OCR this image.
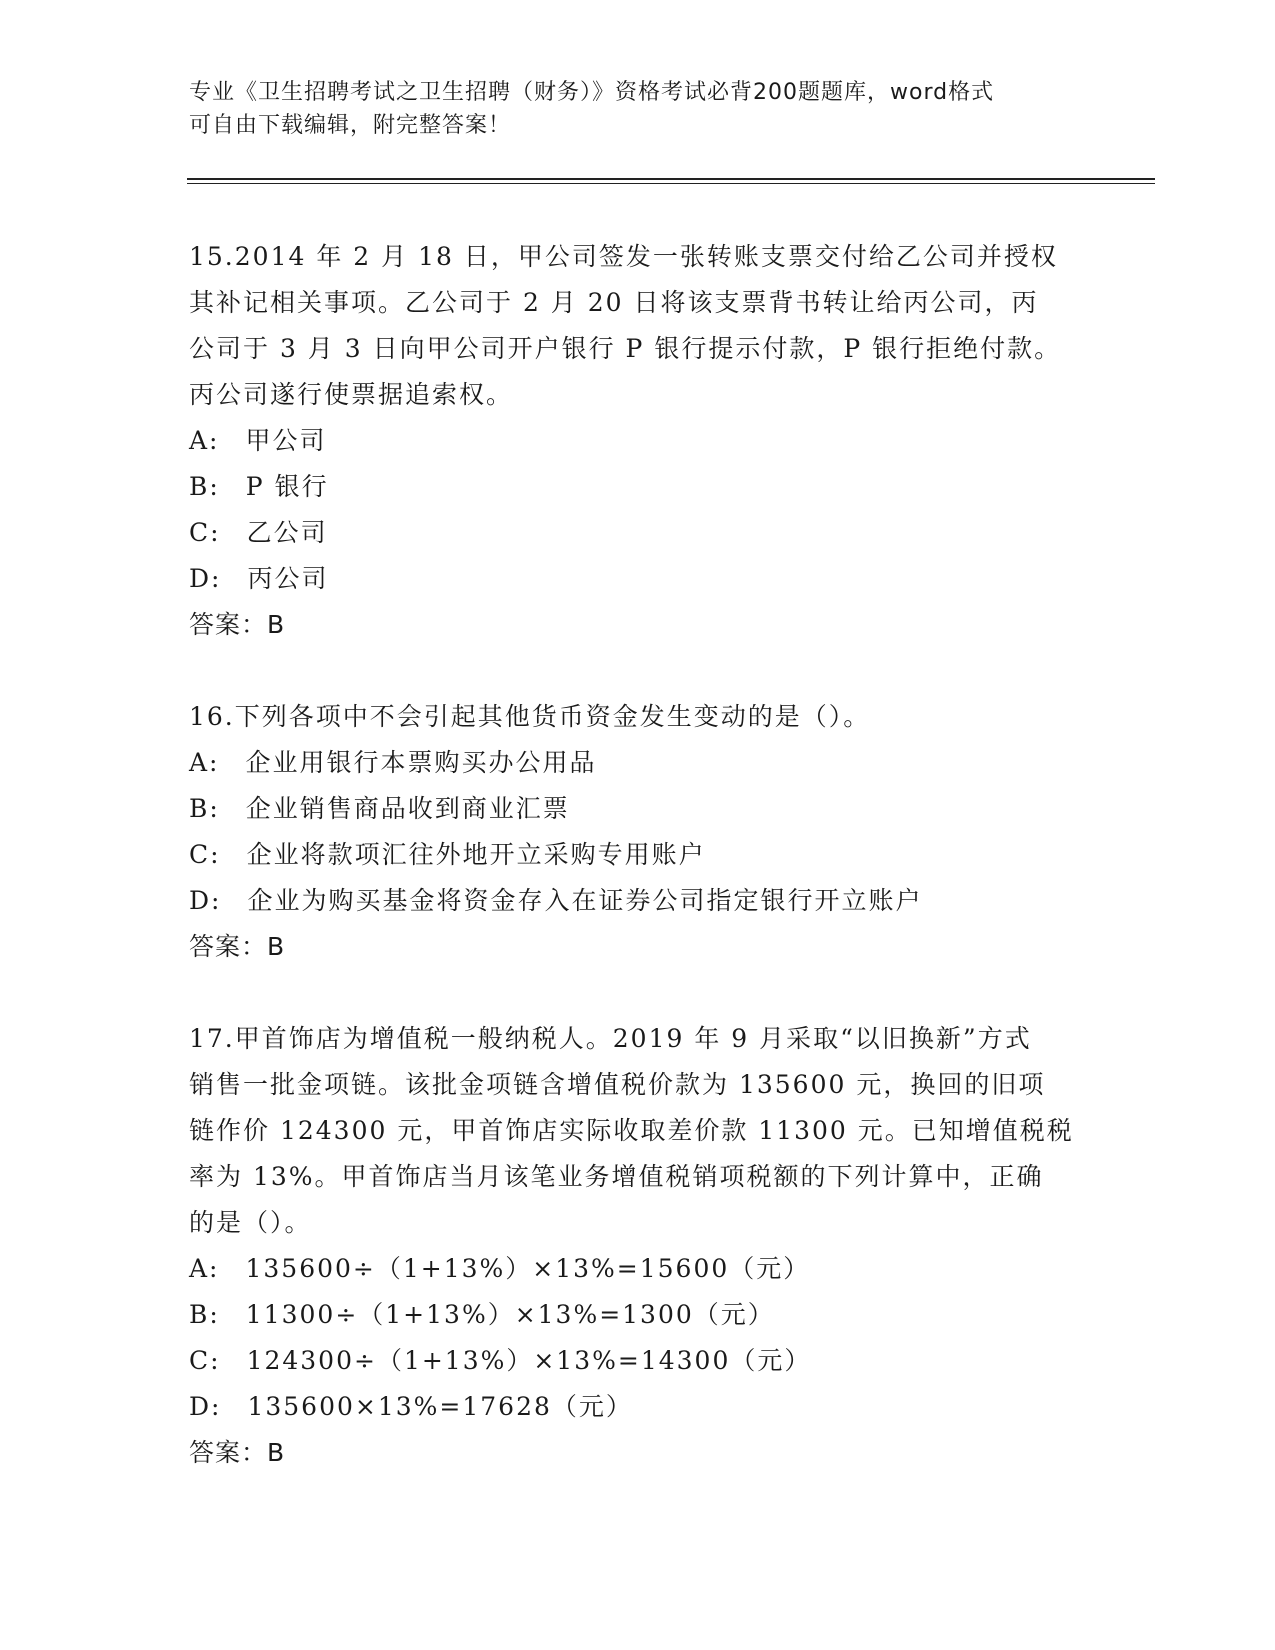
专业《卫生招聘考试之卫生招聘（财务）》资格考试必背200题题库，word格式
可自由下载编辑，附完整答案！
15.2014 年 2 月 18 日，甲公司签发一张转账支票交付给乙公司并授权
其补记相关事项。乙公司于 2 月 20 日将该支票背书转让给丙公司，丙
公司于 3 月 3 日向甲公司开户银行 P 银行提示付款，P 银行拒绝付款。
丙公司遂行使票据追索权。
A: 甲公司
B: P 银行
C: 乙公司
D: 丙公司
答案：B
16.下列各项中不会引起其他货币资金发生变动的是（）。
A: 企业用银行本票购买办公用品
B: 企业销售商品收到商业汇票
C: 企业将款项汇往外地开立采购专用账户
D: 企业为购买基金将资金存入在证券公司指定银行开立账户
答案：B
17.甲首饰店为增值税一般纳税人。2019 年 9 月采取“以旧换新”方式
销售一批金项链。该批金项链含增值税价款为 135600 元，换回的旧项
链作价 124300 元，甲首饰店实际收取差价款 11300 元。已知增值税税
率为 13%。甲首饰店当月该笔业务增值税销项税额的下列计算中，正确
的是（）。
A: 135600÷（1+13%）×13%=15600（元）
B: 11300÷（1+13%）×13%=1300（元）
C: 124300÷（1+13%）×13%=14300（元）
D: 135600×13%=17628（元）
答案：B
